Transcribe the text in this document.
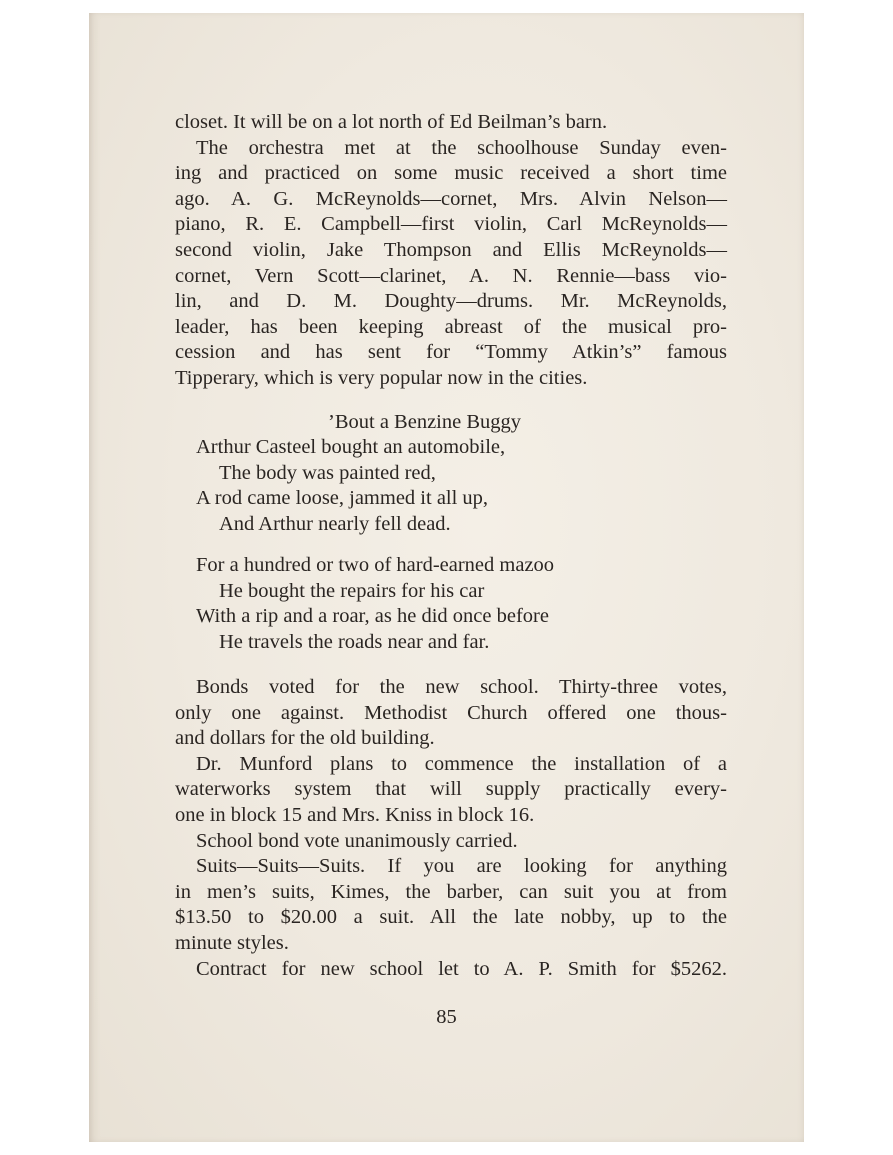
closet. It will be on a lot north of Ed Beilman’s barn.
The orchestra met at the schoolhouse Sunday even-
ing and practiced on some music received a short time
ago. A. G. McReynolds—cornet, Mrs. Alvin Nelson—
piano, R. E. Campbell—first violin, Carl McReynolds—
second violin, Jake Thompson and Ellis McReynolds—
cornet, Vern Scott—clarinet, A. N. Rennie—bass vio-
lin, and D. M. Doughty—drums. Mr. McReynolds,
leader, has been keeping abreast of the musical pro-
cession and has sent for “Tommy Atkin’s” famous
Tipperary, which is very popular now in the cities.
’Bout a Benzine Buggy
Arthur Casteel bought an automobile,
The body was painted red,
A rod came loose, jammed it all up,
And Arthur nearly fell dead.
For a hundred or two of hard-earned mazoo
He bought the repairs for his car
With a rip and a roar, as he did once before
He travels the roads near and far.
Bonds voted for the new school. Thirty-three votes,
only one against. Methodist Church offered one thous-
and dollars for the old building.
Dr. Munford plans to commence the installation of a
waterworks system that will supply practically every-
one in block 15 and Mrs. Kniss in block 16.
School bond vote unanimously carried.
Suits—Suits—Suits. If you are looking for anything
in men’s suits, Kimes, the barber, can suit you at from
$13.50 to $20.00 a suit. All the late nobby, up to the
minute styles.
Contract for new school let to A. P. Smith for $5262.
85
